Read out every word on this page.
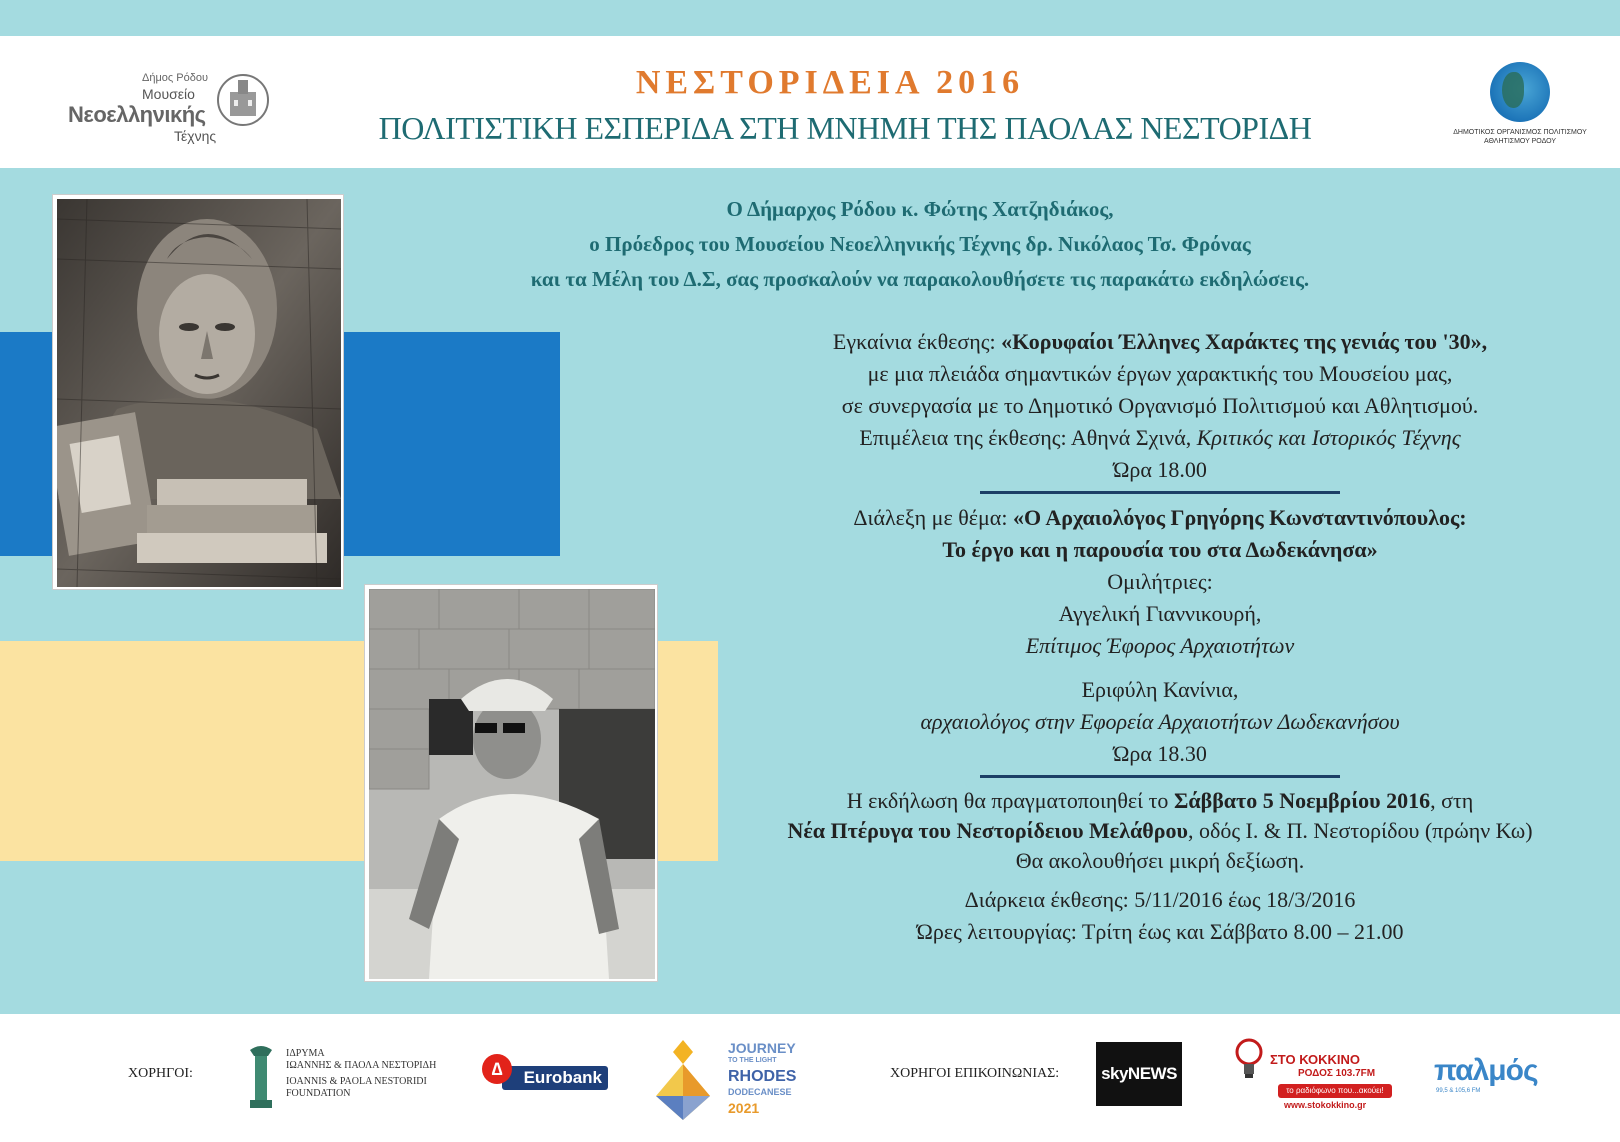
Δήμος Ρόδου
Μουσείο
Νεοελληνικής
Τέχνης
ΝΕΣΤΟΡΙΔΕΙΑ 2016
ΠΟΛΙΤΙΣΤΙΚΗ ΕΣΠΕΡΙΔΑ ΣΤΗ ΜΝΗΜΗ ΤΗΣ ΠΑΟΛΑΣ ΝΕΣΤΟΡΙΔΗ	ΔΗΜΟΤΙΚΟΣ ΟΡΓΑΝΙΣΜΟΣ ΠΟΛΙΤΙΣΜΟΥ
ΑΘΛΗΤΙΣΜΟΥ ΡΟΔΟΥ
Ο Δήμαρχος Ρόδου κ. Φώτης Χατζηδιάκος,
ο Πρόεδρος του Μουσείου Νεοελληνικής Τέχνης δρ. Νικόλαος Τσ. Φρόνας
και τα Μέλη του Δ.Σ, σας προσκαλούν να παρακολουθήσετε τις παρακάτω εκδηλώσεις.
Εγκαίνια έκθεσης: «Κορυφαίοι Έλληνες Χαράκτες της γενιάς του '30»,
με μια πλειάδα σημαντικών έργων χαρακτικής του Μουσείου μας,
σε συνεργασία με το Δημοτικό Οργανισμό Πολιτισμού και Αθλητισμού.
Επιμέλεια της έκθεσης: Αθηνά Σχινά, Κριτικός και Ιστορικός Τέχνης
Ώρα 18.00
Διάλεξη με θέμα: «Ο Αρχαιολόγος Γρηγόρης Κωνσταντινόπουλος:
Το έργο και η παρουσία του στα Δωδεκάνησα»
Ομιλήτριες:
Αγγελική Γιαννικουρή,
Επίτιμος Έφορος Αρχαιοτήτων
Εριφύλη Κανίνια,
αρχαιολόγος στην Εφορεία Αρχαιοτήτων Δωδεκανήσου
Ώρα 18.30
Η εκδήλωση θα πραγματοποιηθεί το Σάββατο 5 Νοεμβρίου 2016, στη
Νέα Πτέρυγα του Νεστορίδειου Μελάθρου, οδός Ι. & Π. Νεστορίδου (πρώην Κω)
Θα ακολουθήσει μικρή δεξίωση.
Διάρκεια έκθεσης: 5/11/2016 έως 18/3/2016
Ώρες λειτουργίας: Τρίτη έως και Σάββατο 8.00 – 21.00
ΧΟΡΗΓΟΙ:
ΙΔΡΥΜΑ
ΙΩΑΝΝΗΣ & ΠΑΟΛΑ ΝΕΣΤΟΡΙΔΗ
IOANNIS & PAOLA NESTORIDI
FOUNDATION
Eurobank
∆
JOURNEY
TO THE LIGHT
RHODES
DODECANESE
2021
ΧΟΡΗΓΟΙ ΕΠΙΚΟΙΝΩΝΙΑΣ: skyNEWS
ΣΤΟ ΚΟΚΚΙΝΟ
ΡΟΔΟΣ 103.7FM
το ραδιόφωνο που...ακούει!
www.stokokkino.gr
παλμός
99,5 & 105,6 FM
